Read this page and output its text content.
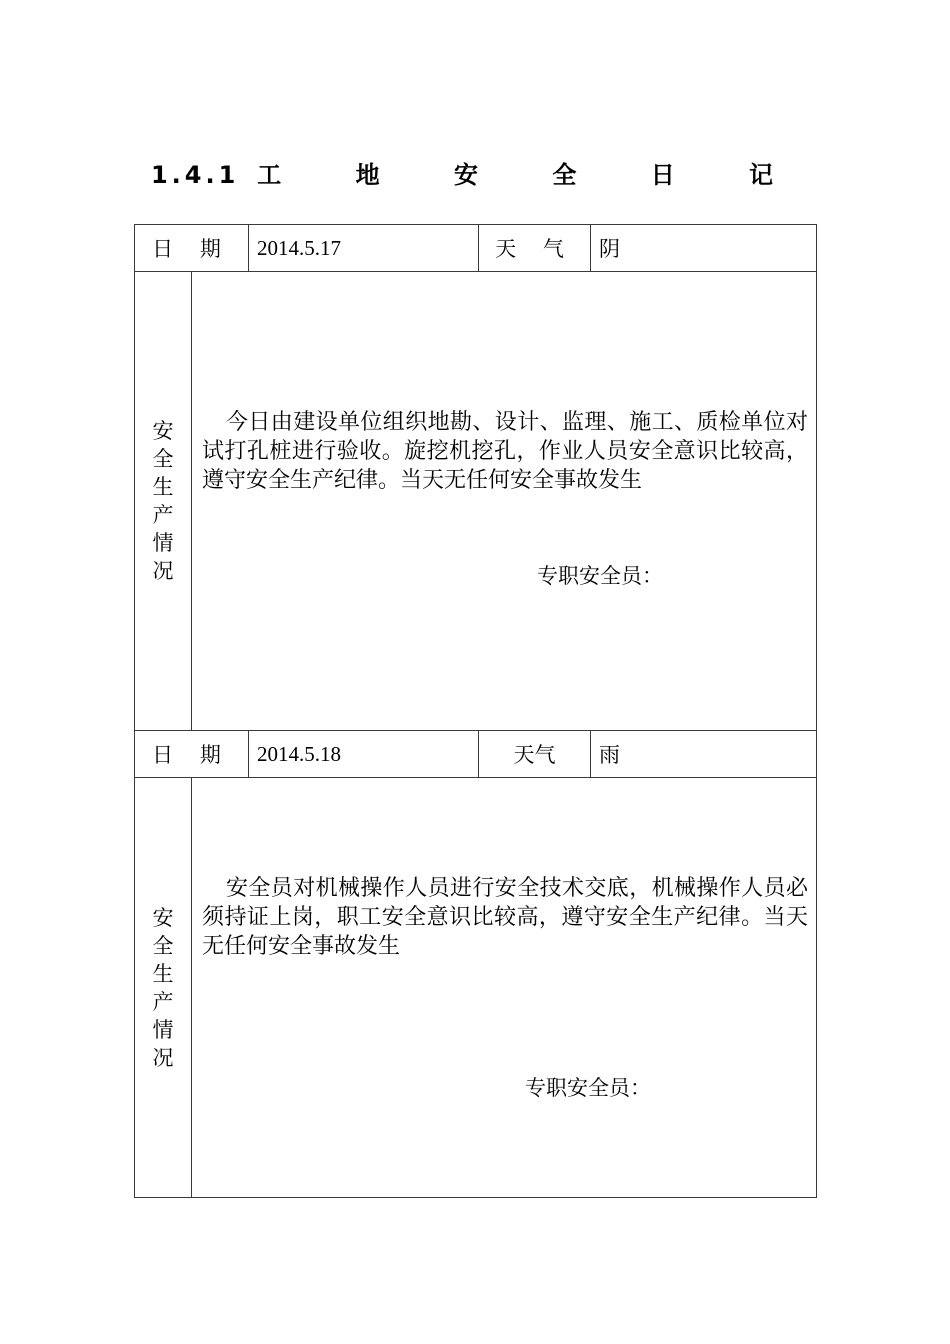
1.4.1 工 地 安 全 日 记
日 期		2014.5.17	天 气	阴
安全生产情况	今日由建设单位组织地勘、设计、监理、施工、质检单位对试打孔桩进行验收。旋挖机挖孔，作业人员安全意识比较高，遵守安全生产纪律。当天无任何安全事故发生
专职安全员：			

日 期		2014.5.18	天气	雨
安全生产情况	安全员对机械操作人员进行安全技术交底，机械操作人员必须持证上岗，职工安全意识比较高，遵守安全生产纪律。当天无任何安全事故发生
专职安全员：			
